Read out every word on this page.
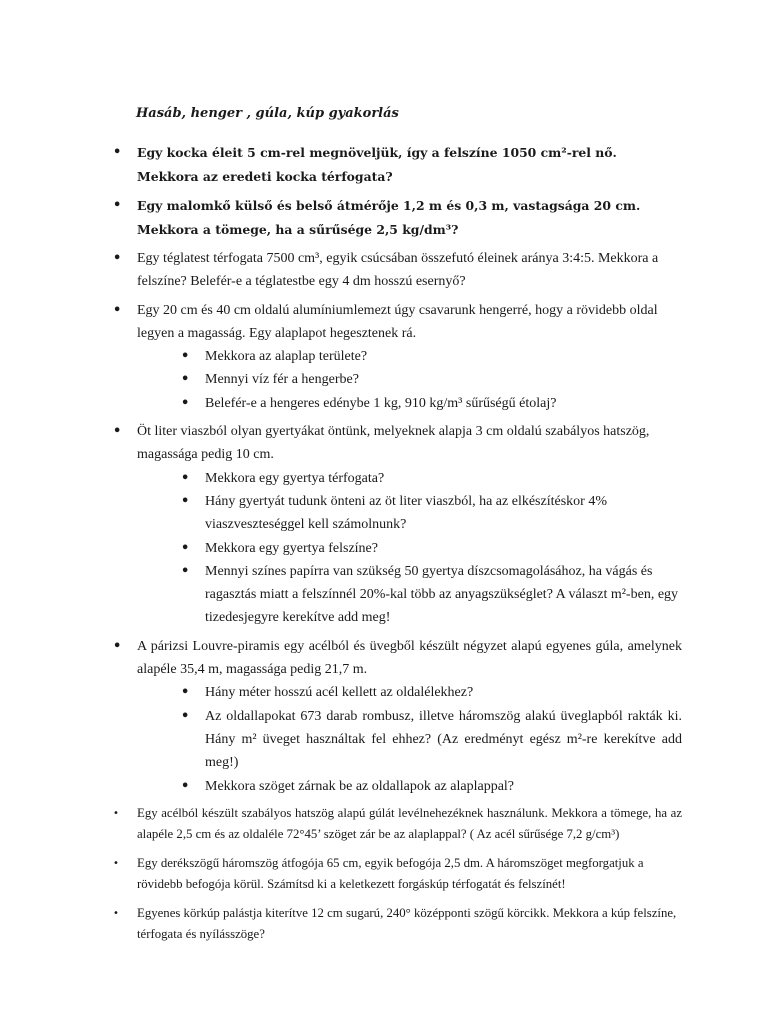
Hasáb, henger , gúla, kúp gyakorlás
• Egy kocka éleit 5 cm-rel megnöveljük, így a felszíne 1050 cm²-rel nő. Mekkora az eredeti kocka térfogata?
• Egy malomkő külső és belső átmérője 1,2 m és 0,3 m, vastagsága 20 cm. Mekkora a tömege, ha a sűrűsége 2,5 kg/dm³?
• Egy téglatest térfogata 7500 cm³, egyik csúcsában összefutó éleinek aránya 3:4:5. Mekkora a felszíne? Belefér-e a téglatestbe egy 4 dm hosszú esernyő?
• Egy 20 cm és 40 cm oldalú alumíniumlemezt úgy csavarunk hengerré, hogy a rövidebb oldal legyen a magasság. Egy alaplapot hegesztenek rá.
• Mekkora az alaplap területe?
• Mennyi víz fér a hengerbe?
• Belefér-e a hengeres edénybe 1 kg, 910 kg/m³ sűrűségű étolaj?
• Öt liter viaszból olyan gyertyákat öntünk, melyeknek alapja 3 cm oldalú szabályos hatszög, magassága pedig 10 cm.
• Mekkora egy gyertya térfogata?
• Hány gyertyát tudunk önteni az öt liter viaszból, ha az elkészítéskor 4% viaszveszteséggel kell számolnunk?
• Mekkora egy gyertya felszíne?
• Mennyi színes papírra van szükség 50 gyertya díszcsomagolásához, ha vágás és ragasztás miatt a felszínnél 20%-kal több az anyagszükséglet? A választ m²-ben, egy tizedesjegyre kerekítve add meg!
• A párizsi Louvre-piramis egy acélból és üvegből készült négyzet alapú egyenes gúla, amelynek alapéle 35,4 m, magassága pedig 21,7 m.
• Hány méter hosszú acél kellett az oldalélekhez?
• Az oldallapokat 673 darab rombusz, illetve háromszög alakú üveglapból rakták ki. Hány m² üveget használtak fel ehhez? (Az eredményt egész m²-re kerekítve add meg!)
• Mekkora szöget zárnak be az oldallapok az alaplappal?
• Egy acélból készült szabályos hatszög alapú gúlát levélnehezéknek használunk. Mekkora a tömege, ha az alapéle 2,5 cm és az oldaléle 72°45’ szöget zár be az alaplappal? ( Az acél sűrűsége 7,2 g/cm³)
• Egy derékszögű háromszög átfogója 65 cm, egyik befogója 2,5 dm. A háromszöget megforgatjuk a rövidebb befogója körül. Számítsd ki a keletkezett forgáskúp térfogatát és felszínét!
• Egyenes körkúp palástja kiterítve 12 cm sugarú, 240° középponti szögű körcikk. Mekkora a kúp felszíne, térfogata és nyílásszöge?
